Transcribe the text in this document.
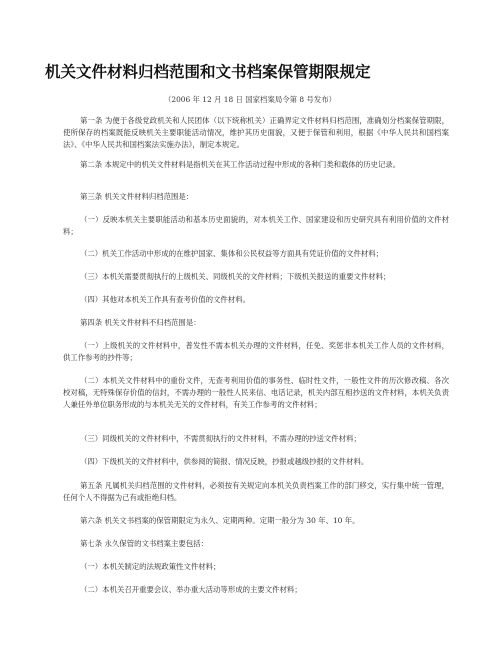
机关文件材料归档范围和文书档案保管期限规定
（2006 年 12 月 18 日 国家档案局令第 8 号发布）
第一条 为便于各级党政机关和人民团体（以下统称机关）正确界定文件材料归档范围，准确划分档案保管期限，使所保存的档案既能反映机关主要职能活动情况，维护其历史面貌，又便于保管和利用，根据《中华人民共和国档案法》、《中华人民共和国档案法实施办法》，制定本规定。
第二条 本规定中的机关文件材料是指机关在其工作活动过程中形成的各种门类和载体的历史记录。
第三条 机关文件材料归档范围是：
（一）反映本机关主要职能活动和基本历史面貌的，对本机关工作、国家建设和历史研究具有利用价值的文件材料；
（二）机关工作活动中形成的在维护国家、集体和公民权益等方面具有凭证价值的文件材料；
（三）本机关需要贯彻执行的上级机关、同级机关的文件材料；下级机关报送的重要文件材料；
（四）其他对本机关工作具有查考价值的文件材料。
第四条 机关文件材料不归档范围是：
（一）上级机关的文件材料中，普发性不需本机关办理的文件材料，任免、奖惩非本机关工作人员的文件材料，供工作参考的抄件等；
（二）本机关文件材料中的重份文件，无查考利用价值的事务性、临时性文件，一般性文件的历次修改稿、各次校对稿，无特殊保存价值的信封，不需办理的一般性人民来信、电话记录，机关内部互相抄送的文件材料，本机关负责人兼任外单位职务形成的与本机关无关的文件材料，有关工作参考的文件材料；
（三）同级机关的文件材料中，不需贯彻执行的文件材料，不需办理的抄送文件材料；
（四）下级机关的文件材料中，供参阅的简报、情况反映，抄报或越级抄报的文件材料。
第五条 凡属机关归档范围的文件材料，必须按有关规定向本机关负责档案工作的部门移交，实行集中统一管理，任何个人不得据为己有或拒绝归档。
第六条 机关文书档案的保管期限定为永久、定期两种。定期一般分为 30 年、10 年。
第七条 永久保管的文书档案主要包括：
（一）本机关制定的法规政策性文件材料；
（二）本机关召开重要会议、举办重大活动等形成的主要文件材料；
